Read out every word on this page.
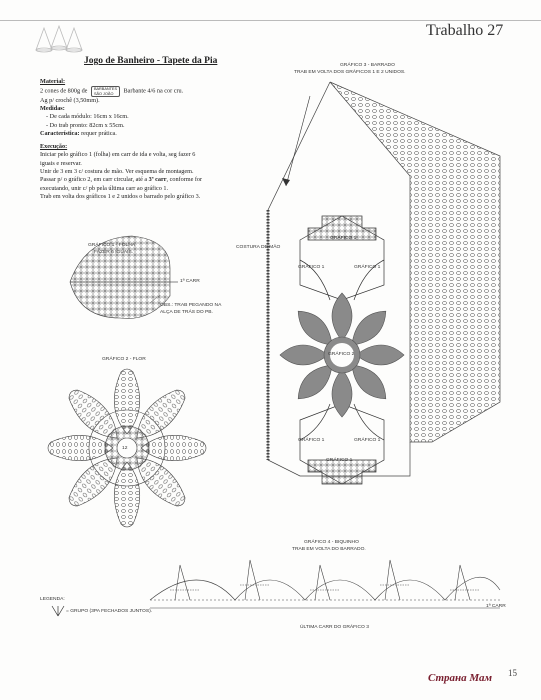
Trabalho 27
Jogo de Banheiro - Tapete da Pia
Material:
2 cones de 800g de BARBANTES
SÃO JOÃO Barbante 4/6 na cor cru.
Ag p/ crochê (3,50mm).
Medidas:
- De cada módulo: 16cm x 16cm.
- Do trab pronto: 82cm x 55cm.
Característica: requer prática.
Execução:
Iniciar pelo gráfico 1 (folha) em carr de ida e volta, seg fazer 6
iguais e reservar.
Unir de 3 em 3 c/ costura de mão. Ver esquema de montagem.
Passar p/ o gráfico 2, em carr circular, até a 3ª carr, conforme for
executando, unir c/ pb pela última carr ao gráfico 1.
Trab em volta dos gráficos 1 e 2 unidos o barrado pelo gráfico 3.
GRÁFICO 1 - FOLHA
FAZER 6 IGUAIS.
1ª CARR
OBS.: TRAB PEGANDO NA
ALÇA DE TRÁS DO PB.
GRÁFICO 2 - FLOR
12
GRÁFICO 3 - BARRADO
TRAB EM VOLTA DOS GRÁFICOS 1 E 2 UNIDOS.
COSTURA DE MÃO
GRÁFICO 1
GRÁFICO 1	GRÁFICO 1
GRÁFICO 2
GRÁFICO 1	GRÁFICO 1
GRÁFICO 1
GRÁFICO 4 - BIQUINHO
TRAB EM VOLTA DO BARRADO.
1ª CARR
ÚLTIMA CARR DO GRÁFICO 3
LEGENDA:
= GRUPO (3PA FECHADOS JUNTOS).
Страна Мам 15
